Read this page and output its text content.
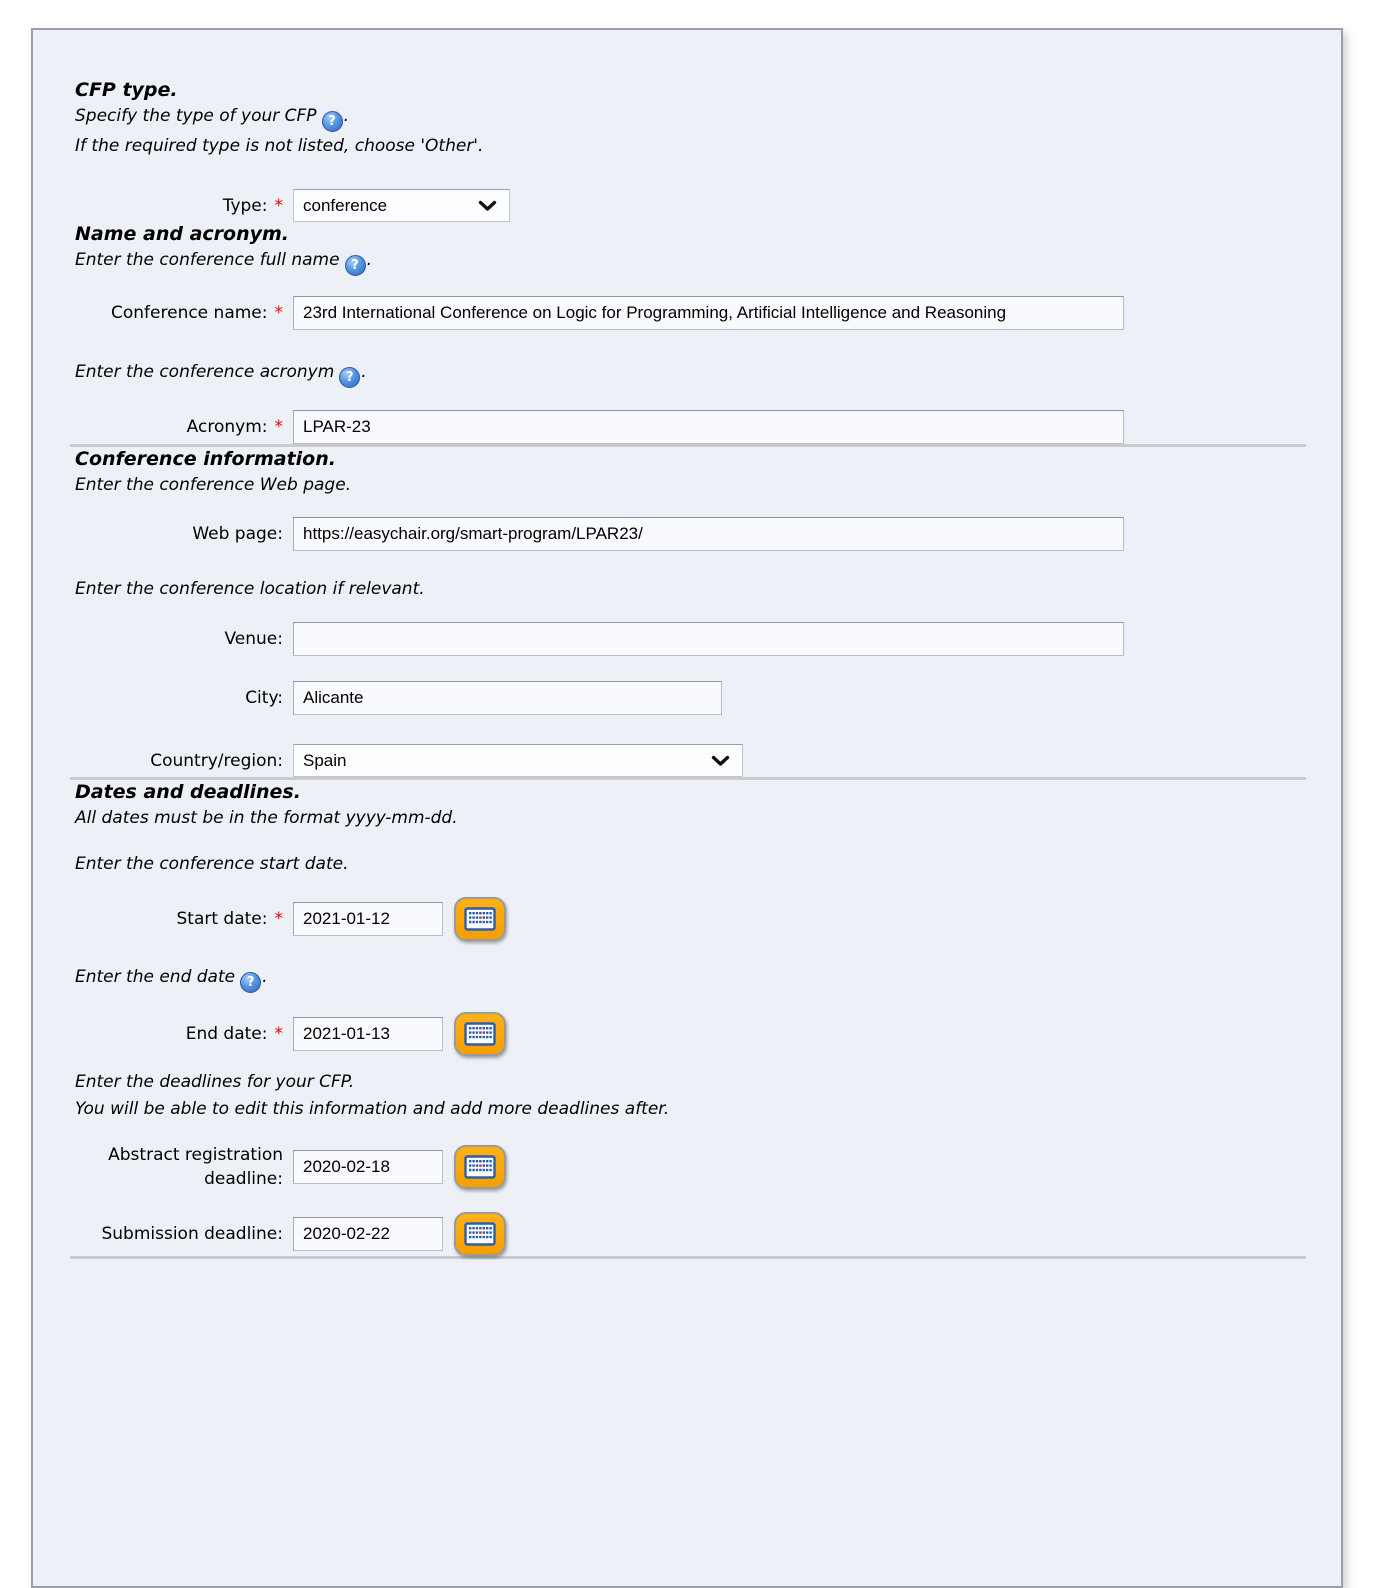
CFP type.
Specify the type of your CFP ? .
If the required type is not listed, choose 'Other'.
Type: * conference
Name and acronym.
Enter the conference full name ? .
Conference name: *
23rd International Conference on Logic for Programming, Artificial Intelligence and Reasoning
Enter the conference acronym ? .
Acronym: *
LPAR-23
Conference information.
Enter the conference Web page.
Web page:
https://easychair.org/smart-program/LPAR23/
Enter the conference location if relevant.
Venue:
City:
Alicante
Country/region: Spain
Dates and deadlines.
All dates must be in the format yyyy-mm-dd.
Enter the conference start date.
Start date: *
2021-01-12
Enter the end date ? .
End date: *
2021-01-13
Enter the deadlines for your CFP.
You will be able to edit this information and add more deadlines after.
Abstract registration deadline:
2020-02-18
Submission deadline:
2020-02-22
